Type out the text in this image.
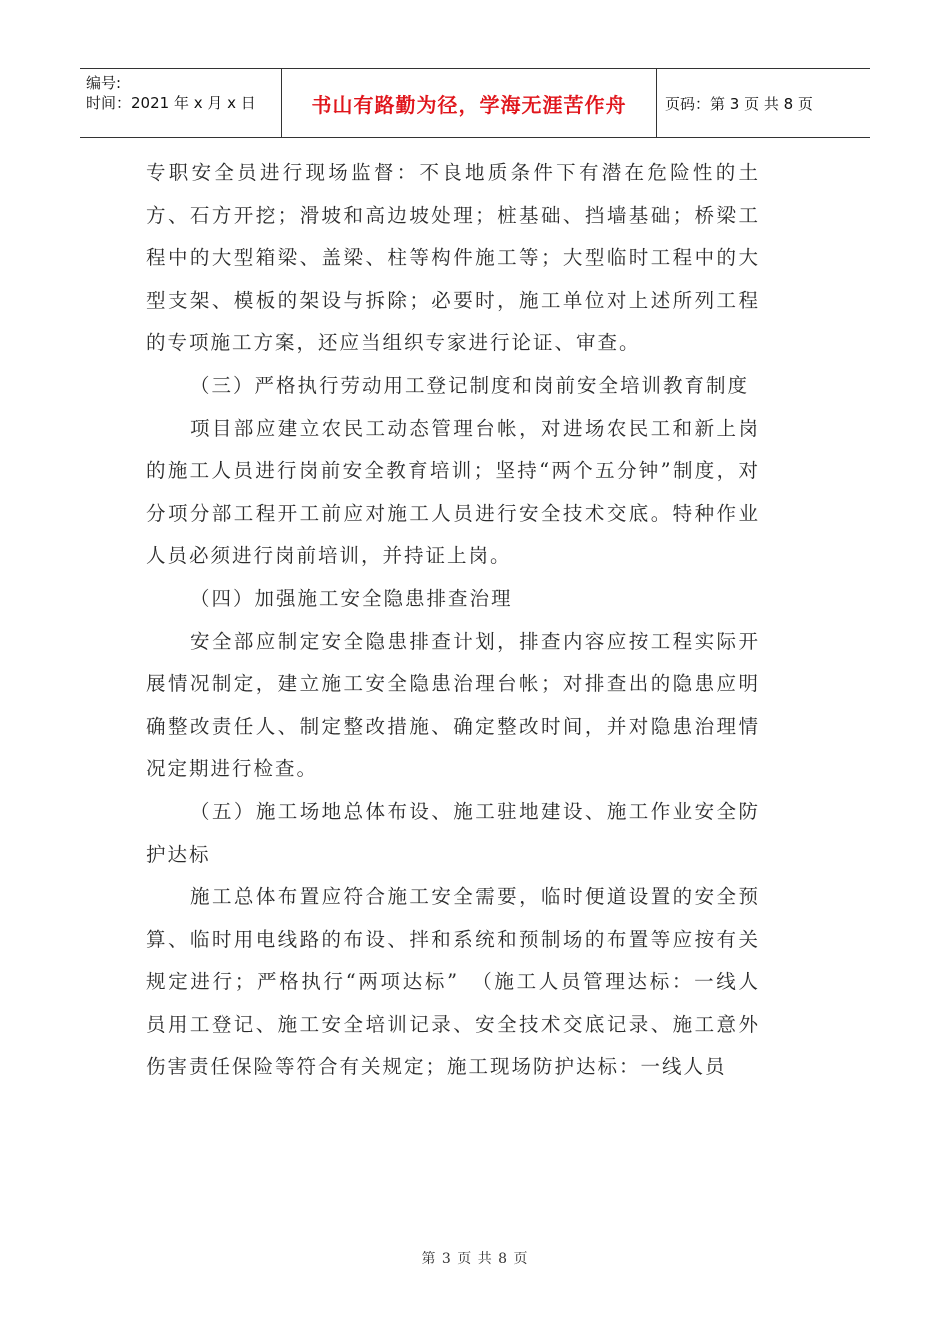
编号:
时间：2021 年 x 月 x 日	书山有路勤为径，学海无涯苦作舟	页码：第 3 页 共 8 页

专职安全员进行现场监督：不良地质条件下有潜在危险性的土方、石方开挖；滑坡和高边坡处理；桩基础、挡墙基础；桥梁工程中的大型箱梁、盖梁、柱等构件施工等；大型临时工程中的大型支架、模板的架设与拆除；必要时，施工单位对上述所列工程的专项施工方案，还应当组织专家进行论证、审查。

（三）严格执行劳动用工登记制度和岗前安全培训教育制度

项目部应建立农民工动态管理台帐，对进场农民工和新上岗的施工人员进行岗前安全教育培训；坚持“两个五分钟”制度，对分项分部工程开工前应对施工人员进行安全技术交底。特种作业人员必须进行岗前培训，并持证上岗。

（四）加强施工安全隐患排查治理

安全部应制定安全隐患排查计划，排查内容应按工程实际开展情况制定，建立施工安全隐患治理台帐；对排查出的隐患应明确整改责任人、制定整改措施、确定整改时间，并对隐患治理情况定期进行检查。

（五）施工场地总体布设、施工驻地建设、施工作业安全防护达标

施工总体布置应符合施工安全需要，临时便道设置的安全预算、临时用电线路的布设、拌和系统和预制场的布置等应按有关规定进行；严格执行“两项达标”　（施工人员管理达标：一线人员用工登记、施工安全培训记录、安全技术交底记录、施工意外伤害责任保险等符合有关规定；施工现场防护达标：一线人员

第 3 页 共 8 页
